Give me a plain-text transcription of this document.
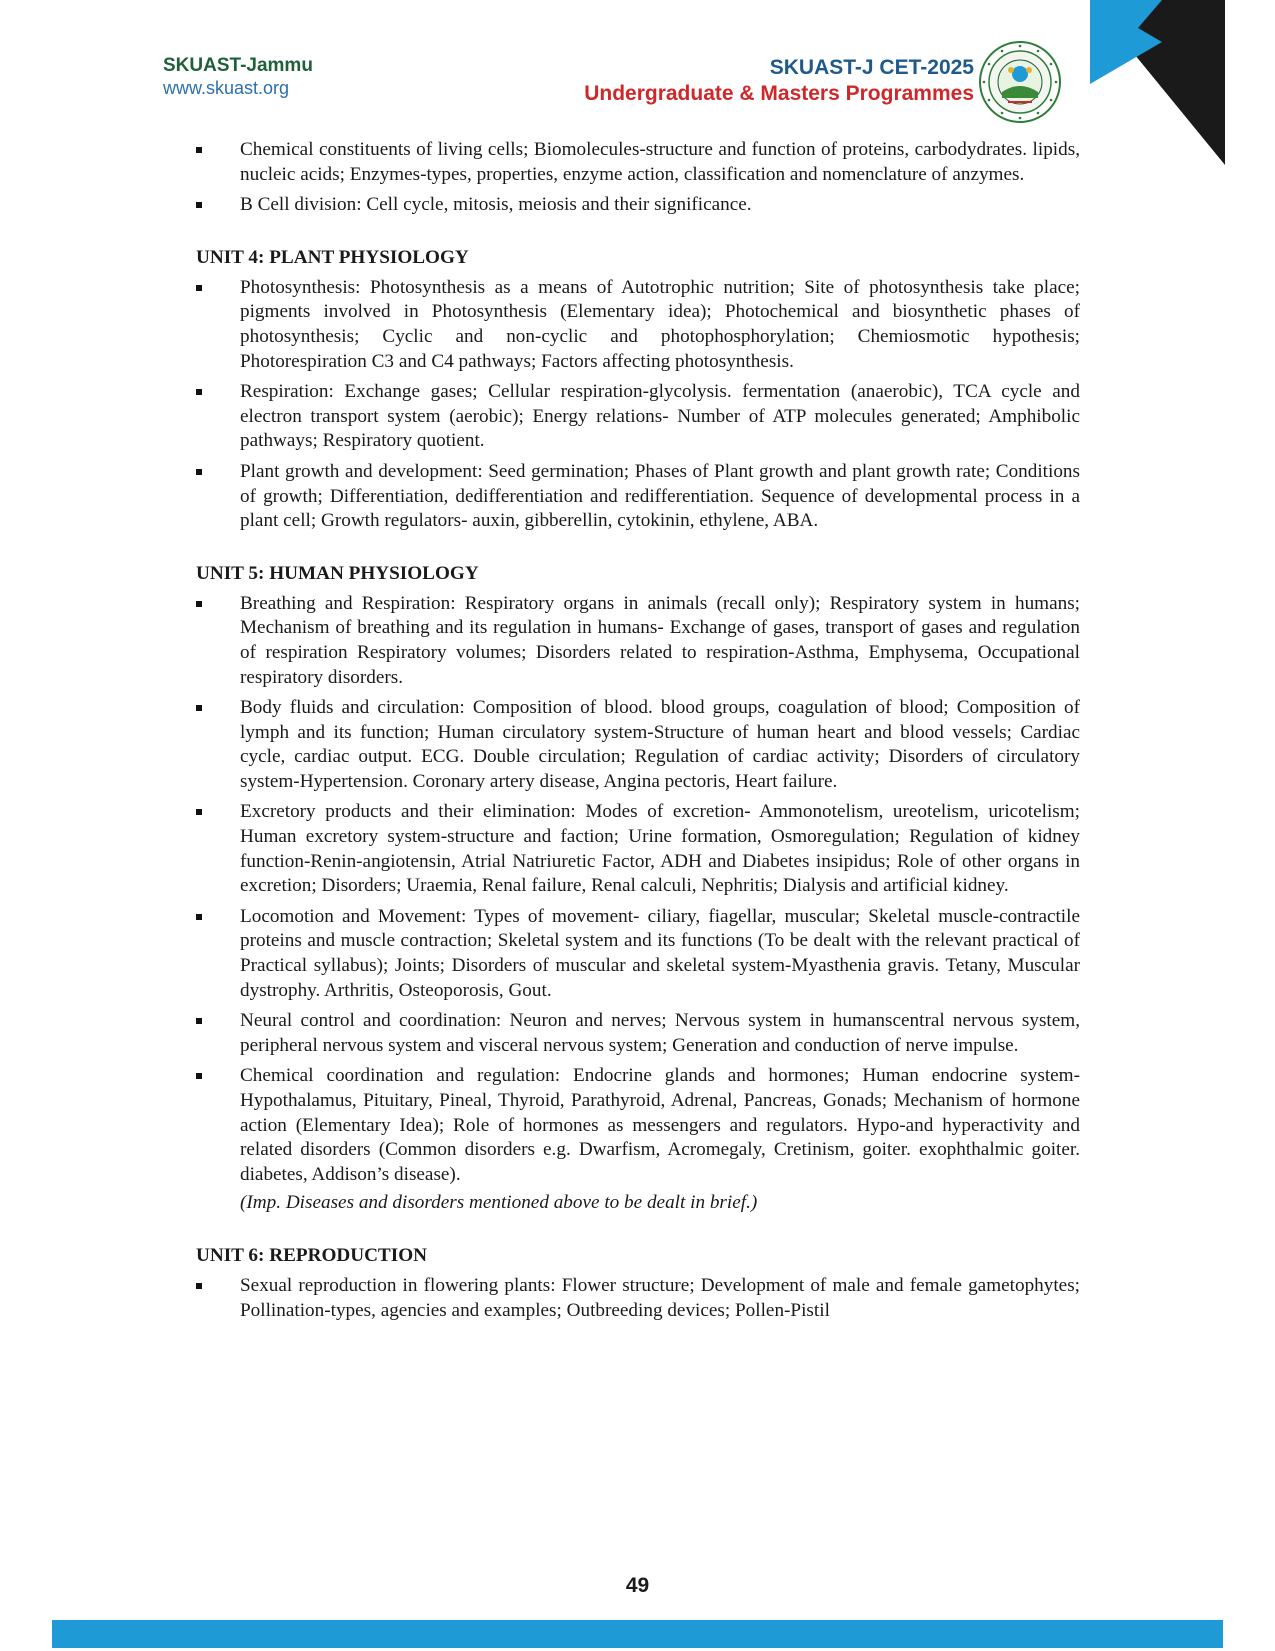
SKUAST-Jammu
www.skuast.org
SKUAST-J CET-2025
Undergraduate & Masters Programmes
Chemical constituents of living cells; Biomolecules-structure and function of proteins, carbodydrates. lipids, nucleic acids; Enzymes-types, properties, enzyme action, classification and nomenclature of anzymes.
B Cell division: Cell cycle, mitosis, meiosis and their significance.
UNIT 4: PLANT PHYSIOLOGY
Photosynthesis: Photosynthesis as a means of Autotrophic nutrition; Site of photosynthesis take place; pigments involved in Photosynthesis (Elementary idea); Photochemical and biosynthetic phases of photosynthesis; Cyclic and non-cyclic and photophosphorylation; Chemiosmotic hypothesis; Photorespiration C3 and C4 pathways; Factors affecting photosynthesis.
Respiration: Exchange gases; Cellular respiration-glycolysis. fermentation (anaerobic), TCA cycle and electron transport system (aerobic); Energy relations- Number of ATP molecules generated; Amphibolic pathways; Respiratory quotient.
Plant growth and development: Seed germination; Phases of Plant growth and plant growth rate; Conditions of growth; Differentiation, dedifferentiation and redifferentiation. Sequence of developmental process in a plant cell; Growth regulators- auxin, gibberellin, cytokinin, ethylene, ABA.
UNIT 5: HUMAN PHYSIOLOGY
Breathing and Respiration: Respiratory organs in animals (recall only); Respiratory system in humans; Mechanism of breathing and its regulation in humans- Exchange of gases, transport of gases and regulation of respiration Respiratory volumes; Disorders related to respiration-Asthma, Emphysema, Occupational respiratory disorders.
Body fluids and circulation: Composition of blood. blood groups, coagulation of blood; Composition of lymph and its function; Human circulatory system-Structure of human heart and blood vessels; Cardiac cycle, cardiac output. ECG. Double circulation; Regulation of cardiac activity; Disorders of circulatory system-Hypertension. Coronary artery disease, Angina pectoris, Heart failure.
Excretory products and their elimination: Modes of excretion- Ammonotelism, ureotelism, uricotelism; Human excretory system-structure and faction; Urine formation, Osmoregulation; Regulation of kidney function-Renin-angiotensin, Atrial Natriuretic Factor, ADH and Diabetes insipidus; Role of other organs in excretion; Disorders; Uraemia, Renal failure, Renal calculi, Nephritis; Dialysis and artificial kidney.
Locomotion and Movement: Types of movement- ciliary, fiagellar, muscular; Skeletal muscle-contractile proteins and muscle contraction; Skeletal system and its functions (To be dealt with the relevant practical of Practical syllabus); Joints; Disorders of muscular and skeletal system-Myasthenia gravis. Tetany, Muscular dystrophy. Arthritis, Osteoporosis, Gout.
Neural control and coordination: Neuron and nerves; Nervous system in humanscentral nervous system, peripheral nervous system and visceral nervous system; Generation and conduction of nerve impulse.
Chemical coordination and regulation: Endocrine glands and hormones; Human endocrine system-Hypothalamus, Pituitary, Pineal, Thyroid, Parathyroid, Adrenal, Pancreas, Gonads; Mechanism of hormone action (Elementary Idea); Role of hormones as messengers and regulators. Hypo-and hyperactivity and related disorders (Common disorders e.g. Dwarfism, Acromegaly, Cretinism, goiter. exophthalmic goiter. diabetes, Addison’s disease).
(Imp. Diseases and disorders mentioned above to be dealt in brief.)
UNIT 6: REPRODUCTION
Sexual reproduction in flowering plants: Flower structure; Development of male and female gametophytes; Pollination-types, agencies and examples; Outbreeding devices; Pollen-Pistil
49
